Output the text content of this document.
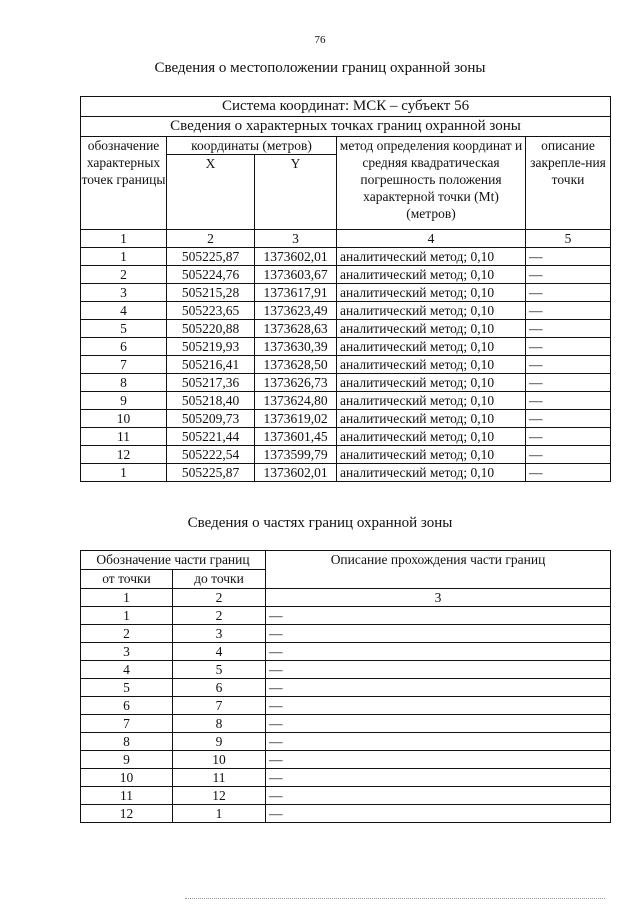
76
Сведения о местоположении границ охранной зоны
Система координат: МСК – субъект 56				
Сведения о характерных точках границ охранной зоны				
обозначение характерных точек границы	координаты (метров)		метод определения координат и средняя квадратическая погрешность положения характерной точки (Mt) (метров)	описание закрепле-ния точки
	X	Y		
1	2	3	4	5
1	505225,87	1373602,01	аналитический метод; 0,10	—
2	505224,76	1373603,67	аналитический метод; 0,10	—
3	505215,28	1373617,91	аналитический метод; 0,10	—
4	505223,65	1373623,49	аналитический метод; 0,10	—
5	505220,88	1373628,63	аналитический метод; 0,10	—
6	505219,93	1373630,39	аналитический метод; 0,10	—
7	505216,41	1373628,50	аналитический метод; 0,10	—
8	505217,36	1373626,73	аналитический метод; 0,10	—
9	505218,40	1373624,80	аналитический метод; 0,10	—
10	505209,73	1373619,02	аналитический метод; 0,10	—
11	505221,44	1373601,45	аналитический метод; 0,10	—
12	505222,54	1373599,79	аналитический метод; 0,10	—
1	505225,87	1373602,01	аналитический метод; 0,10	—
Сведения о частях границ охранной зоны
Обозначение части границ		Описание прохождения части границ
от точки	до точки	
1	2	3
1	2	—
2	3	—
3	4	—
4	5	—
5	6	—
6	7	—
7	8	—
8	9	—
9	10	—
10	11	—
11	12	—
12	1	—
